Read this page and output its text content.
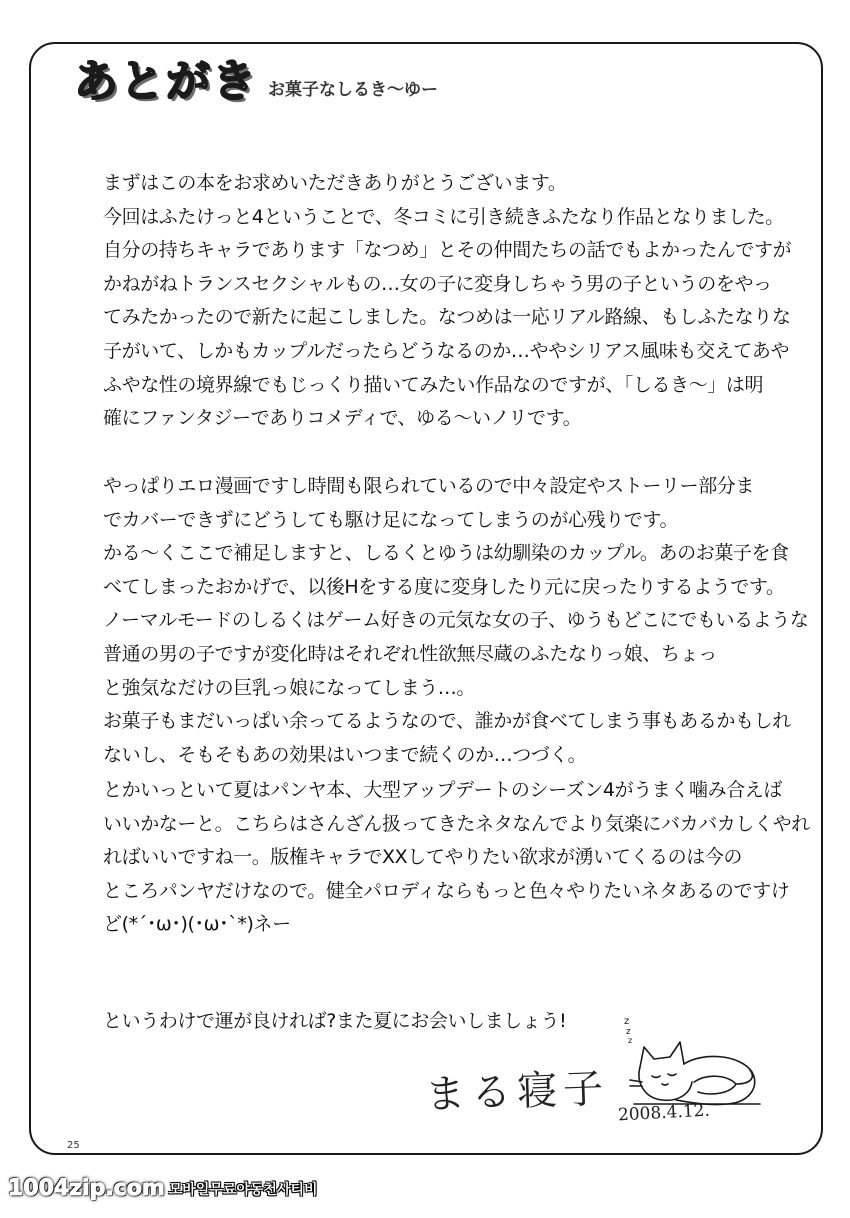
あとがき お菓子なしるき～ゆー
まずはこの本をお求めいただきありがとうございます。
今回はふたけっと4ということで、冬コミに引き続きふたなり作品となりました。
自分の持ちキャラであります「なつめ」とその仲間たちの話でもよかったんですが
かねがねトランスセクシャルもの…女の子に変身しちゃう男の子というのをやっ
てみたかったので新たに起こしました。なつめは一応リアル路線、もしふたなりな
子がいて、しかもカップルだったらどうなるのか…ややシリアス風味も交えてあや
ふやな性の境界線でもじっくり描いてみたい作品なのですが、「しるき～」は明
確にファンタジーでありコメディで、ゆる～いノリです。
やっぱりエロ漫画ですし時間も限られているので中々設定やストーリー部分ま
でカバーできずにどうしても駆け足になってしまうのが心残りです。
かる～くここで補足しますと、しるくとゆうは幼馴染のカップル。あのお菓子を食
べてしまったおかげで、以後Hをする度に変身したり元に戻ったりするようです。
ノーマルモードのしるくはゲーム好きの元気な女の子、ゆうもどこにでもいるような
普通の男の子ですが変化時はそれぞれ性欲無尽蔵のふたなりっ娘、ちょっ
と強気なだけの巨乳っ娘になってしまう…。
お菓子もまだいっぱい余ってるようなので、誰かが食べてしまう事もあるかもしれ
ないし、そもそもあの効果はいつまで続くのか…つづく。
とかいっといて夏はパンヤ本、大型アップデートのシーズン4がうまく噛み合えば
いいかなーと。こちらはさんざん扱ってきたネタなんでより気楽にバカバカしくやれ
ればいいですね一。版権キャラでXXしてやりたい欲求が湧いてくるのは今の
ところパンヤだけなので。健全パロディならもっと色々やりたいネタあるのですけ
ど(*´･ω･)(･ω･`*)ネー
というわけで運が良ければ?また夏にお会いしましょう!	z
z
z
まる寝子 2008.4.12.
25
1004zip.com 모바일무료야동천사티비
